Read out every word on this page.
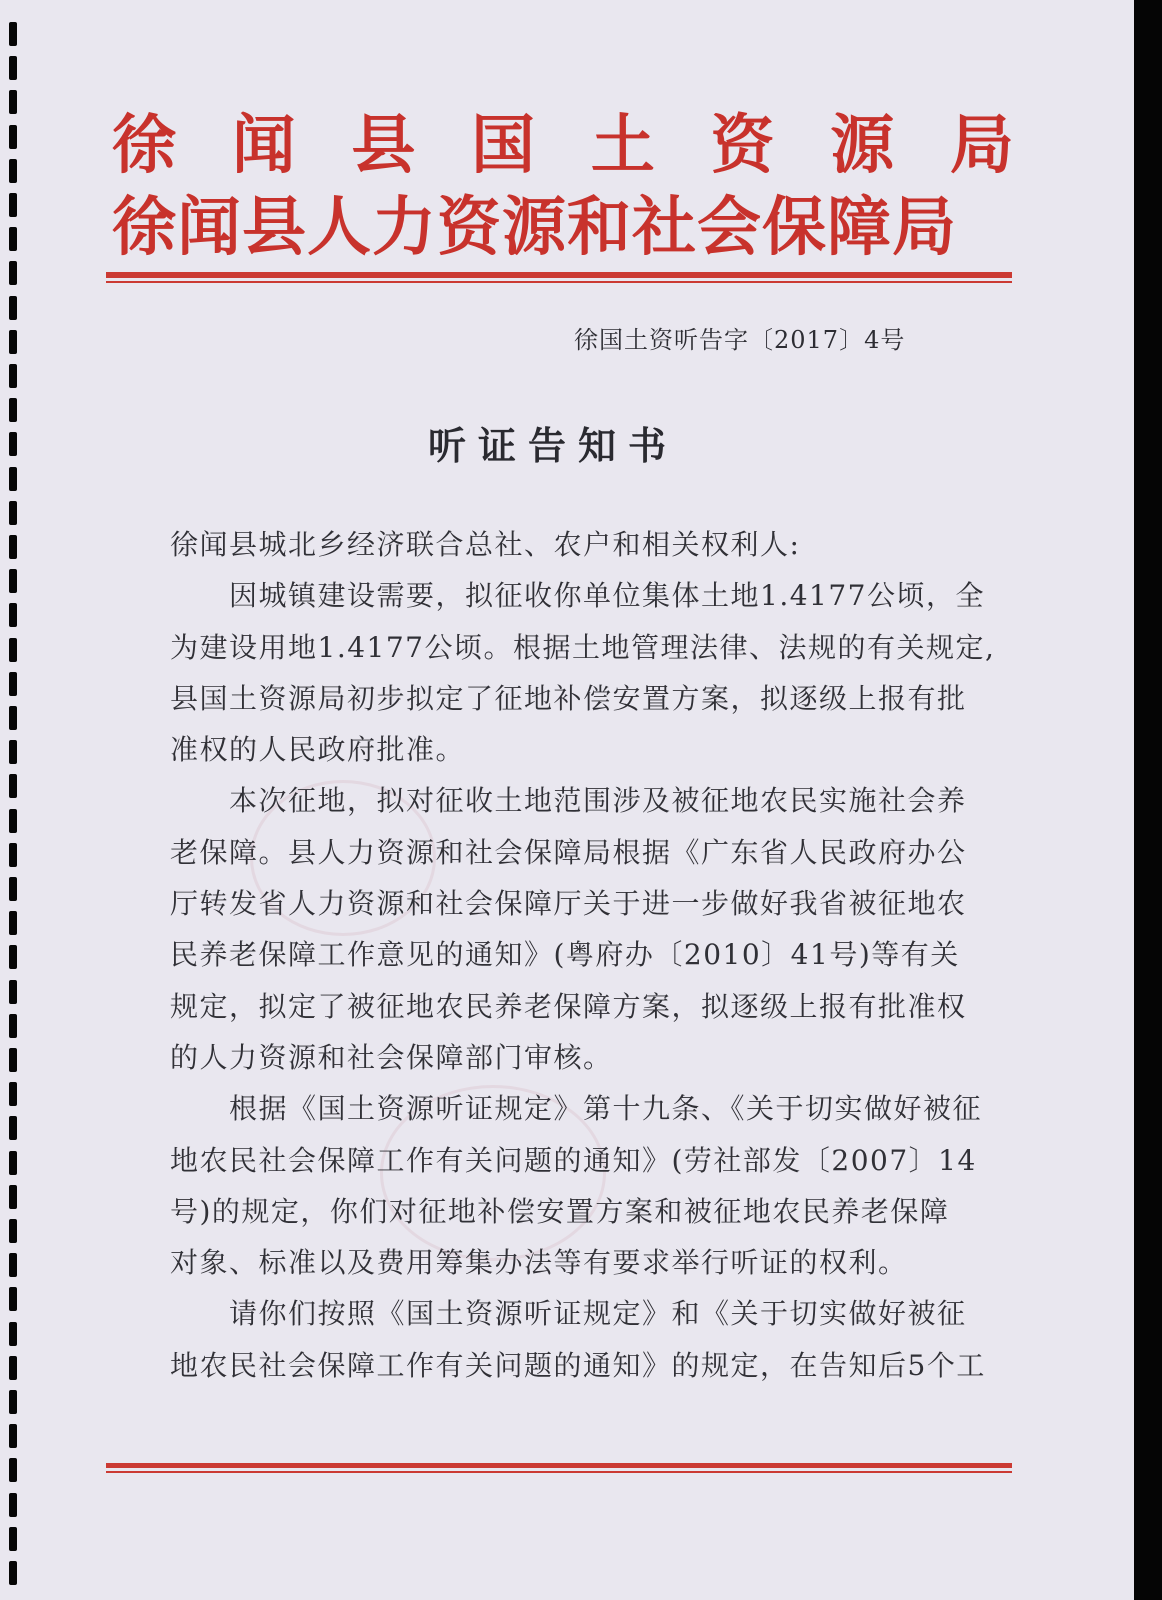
徐 闻 县 国 土 资 源 局
徐闻县人力资源和社会保障局
徐国土资听告字〔2017〕4号
听证告知书
徐闻县城北乡经济联合总社、农户和相关权利人:
　　因城镇建设需要，拟征收你单位集体土地1.4177公顷，全
为建设用地1.4177公顷。根据土地管理法律、法规的有关规定,
县国土资源局初步拟定了征地补偿安置方案，拟逐级上报有批
准权的人民政府批准。
　　本次征地，拟对征收土地范围涉及被征地农民实施社会养
老保障。县人力资源和社会保障局根据《广东省人民政府办公
厅转发省人力资源和社会保障厅关于进一步做好我省被征地农
民养老保障工作意见的通知》(粤府办〔2010〕41号)等有关
规定，拟定了被征地农民养老保障方案，拟逐级上报有批准权
的人力资源和社会保障部门审核。
　　根据《国土资源听证规定》第十九条、《关于切实做好被征
地农民社会保障工作有关问题的通知》(劳社部发〔2007〕14
号)的规定，你们对征地补偿安置方案和被征地农民养老保障
对象、标准以及费用筹集办法等有要求举行听证的权利。
　　请你们按照《国土资源听证规定》和《关于切实做好被征
地农民社会保障工作有关问题的通知》的规定，在告知后5个工
